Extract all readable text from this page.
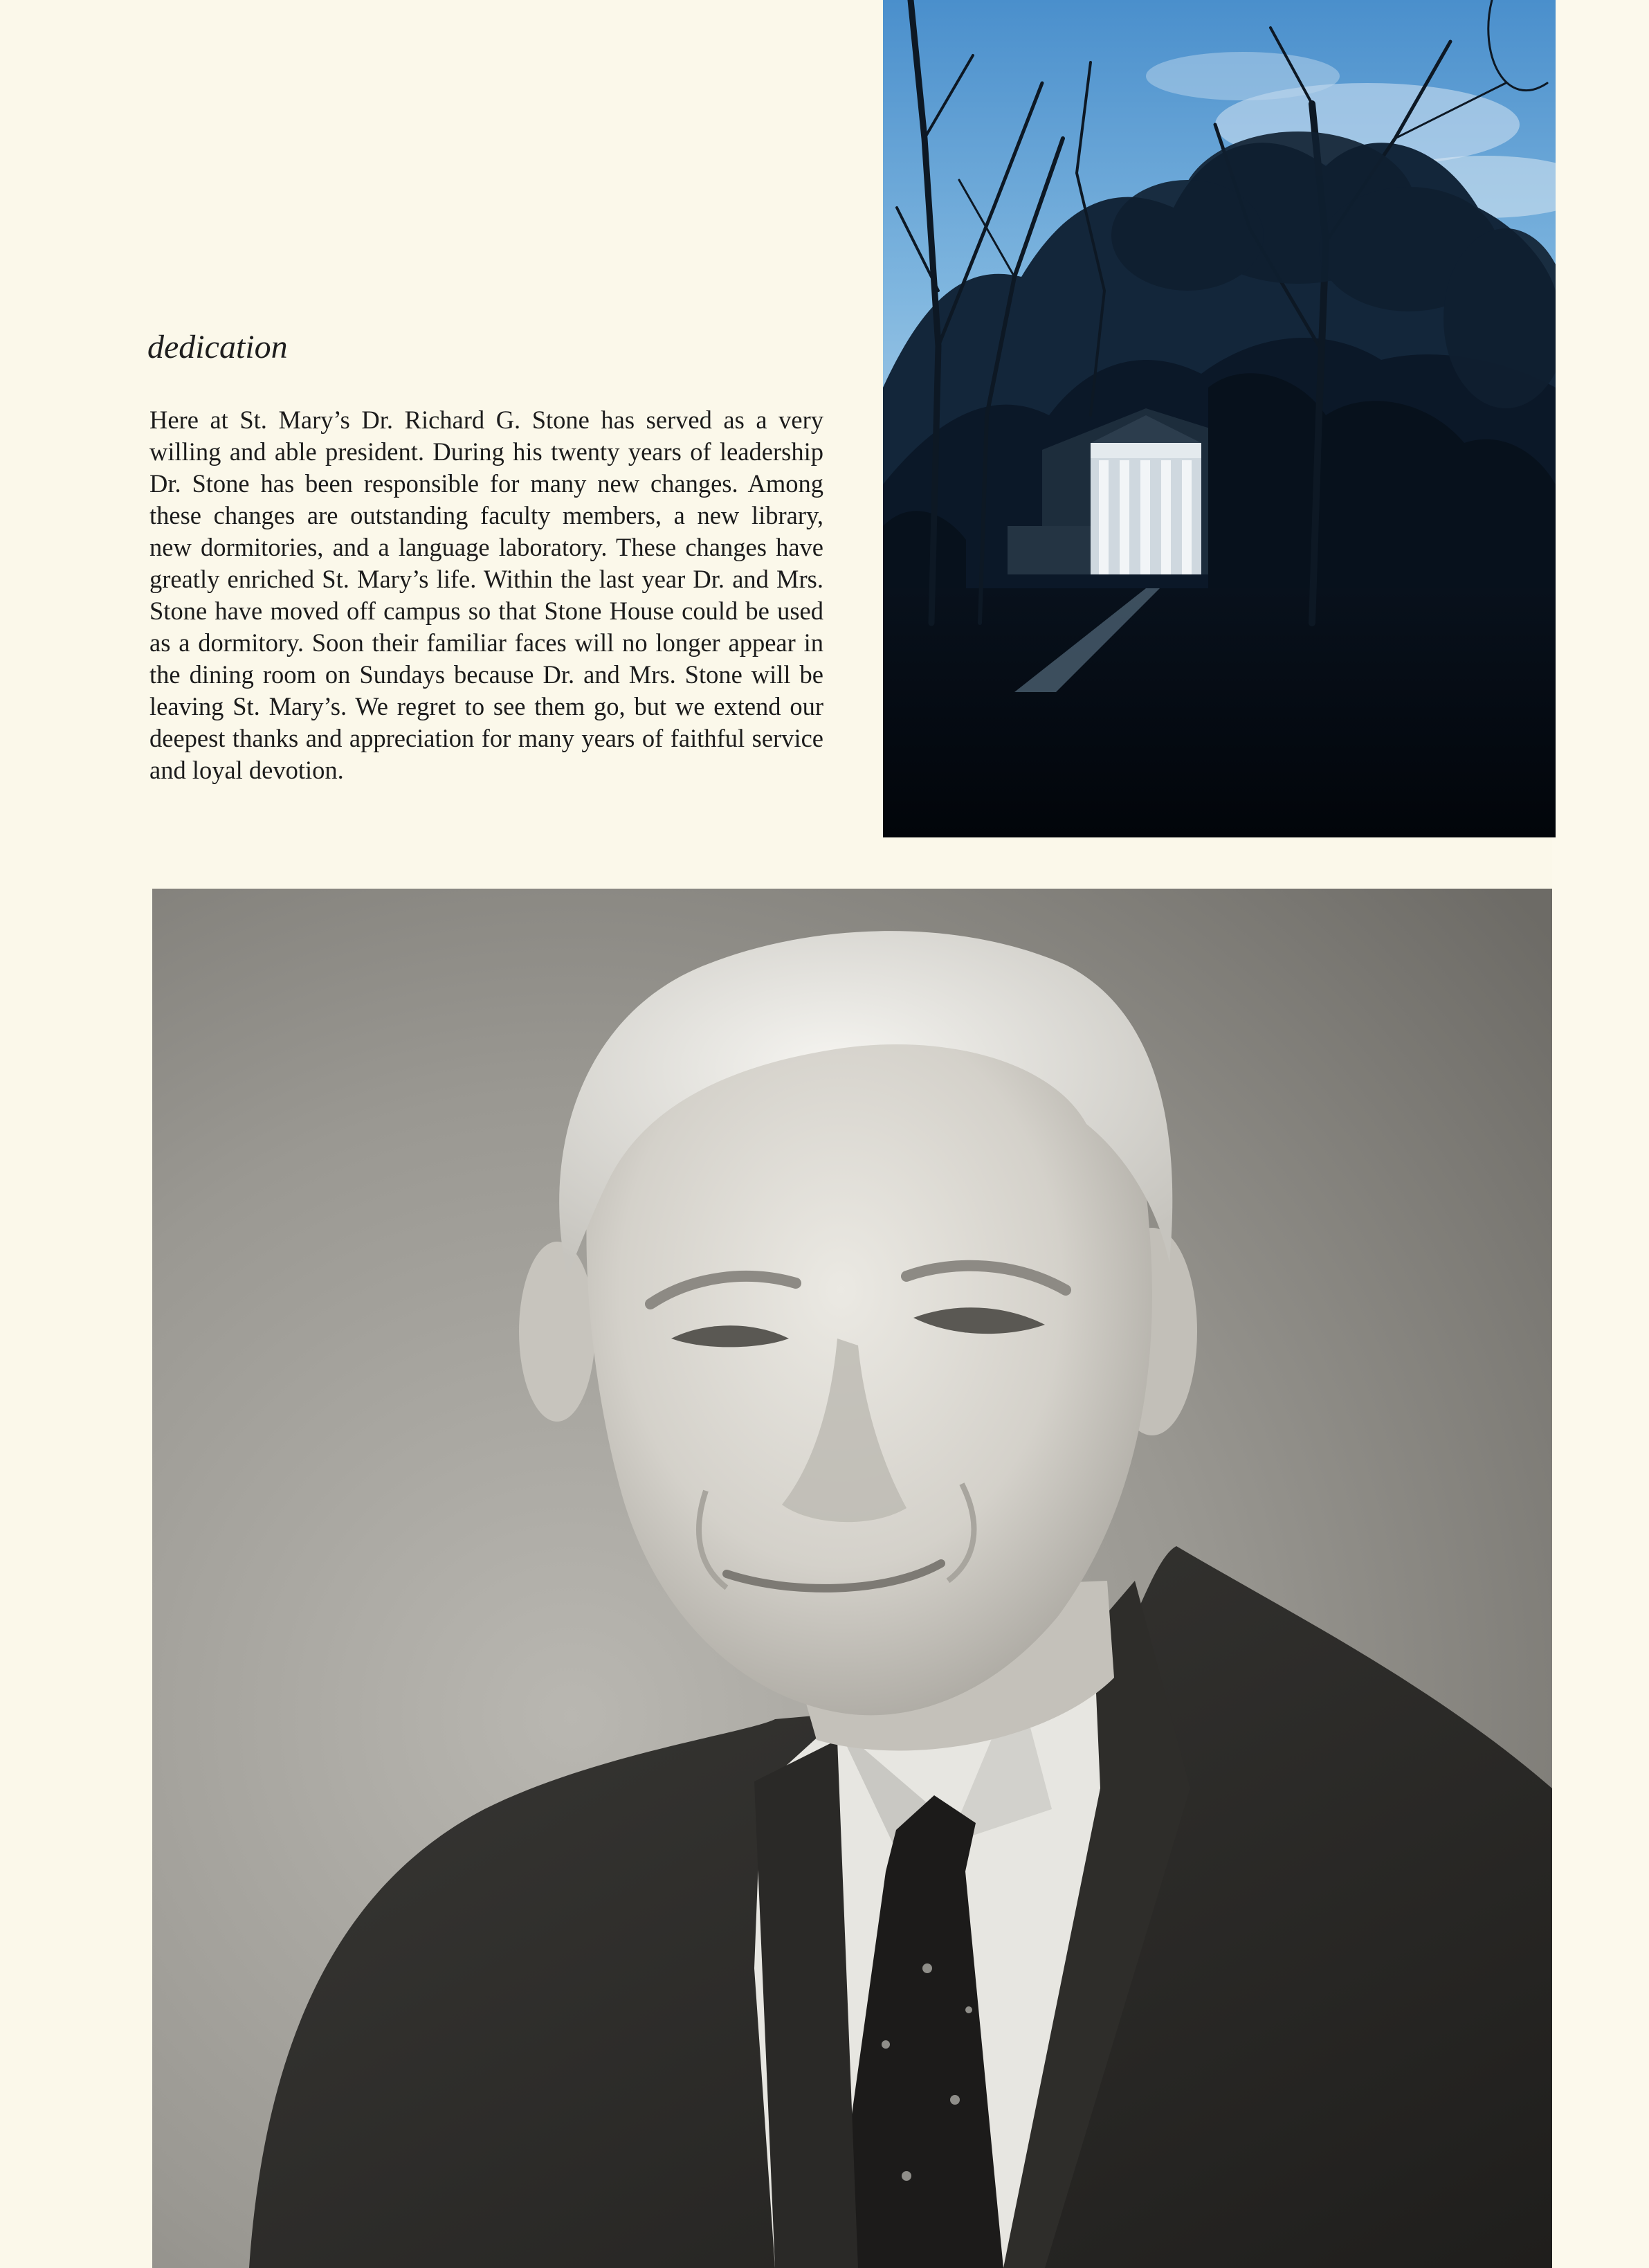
dedication

Here at St. Mary’s Dr. Richard G. Stone has served as a very willing and able president. During his twenty years of leadership Dr. Stone has been responsible for many new changes. Among these changes are outstanding faculty members, a new library, new dormitories, and a language laboratory. These changes have greatly enriched St. Mary’s life. Within the last year Dr. and Mrs. Stone have moved off campus so that Stone House could be used as a dormitory. Soon their familiar faces will no longer appear in the dining room on Sundays because Dr. and Mrs. Stone will be leaving St. Mary’s. We regret to see them go, but we extend our deepest thanks and appreciation for many years of faithful service and loyal devotion.
